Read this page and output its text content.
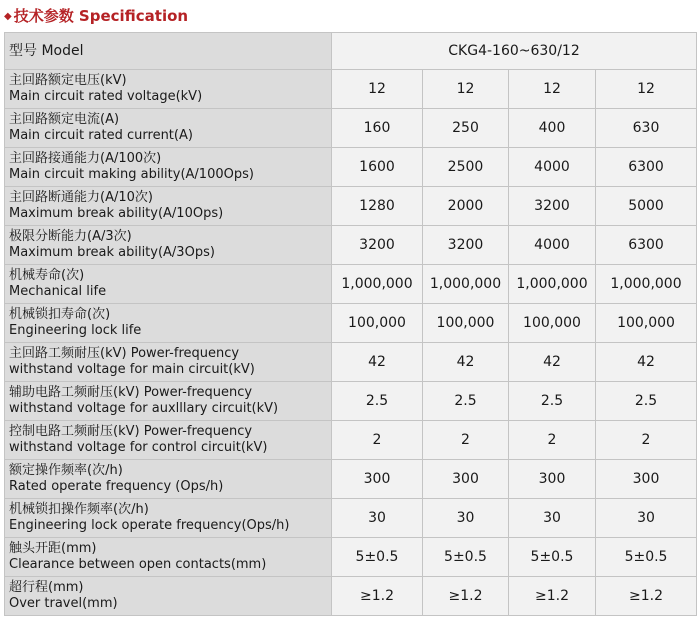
◆ 技术参数 Specification
型号 Model	CKG4-160~630/12			

主回路额定电压(kV)
Main circuit rated voltage(kV)	12	12	12	12

主回路额定电流(A)
Main circuit rated current(A)	160	250	400	630

主回路接通能力(A/100次)
Main circuit making ability(A/100Ops)	1600	2500	4000	6300

主回路断通能力(A/10次)
Maximum break ability(A/10Ops)	1280	2000	3200	5000

极限分断能力(A/3次)
Maximum break ability(A/3Ops)	3200	3200	4000	6300

机械寿命(次)
Mechanical life	1,000,000	1,000,000	1,000,000	1,000,000

机械锁扣寿命(次)
Engineering lock life	100,000	100,000	100,000	100,000

主回路工频耐压(kV) Power-frequency
withstand voltage for main circuit(kV)	42	42	42	42

辅助电路工频耐压(kV) Power-frequency
withstand voltage for auxlllary circuit(kV)	2.5	2.5	2.5	2.5

控制电路工频耐压(kV) Power-frequency
withstand voltage for control circuit(kV)	2	2	2	2

额定操作频率(次/h)
Rated operate frequency (Ops/h)	300	300	300	300

机械锁扣操作频率(次/h)
Engineering lock operate frequency(Ops/h)	30	30	30	30

触头开距(mm)
Clearance between open contacts(mm)	5±0.5	5±0.5	5±0.5	5±0.5

超行程(mm)
Over travel(mm)	≥1.2	≥1.2	≥1.2	≥1.2
